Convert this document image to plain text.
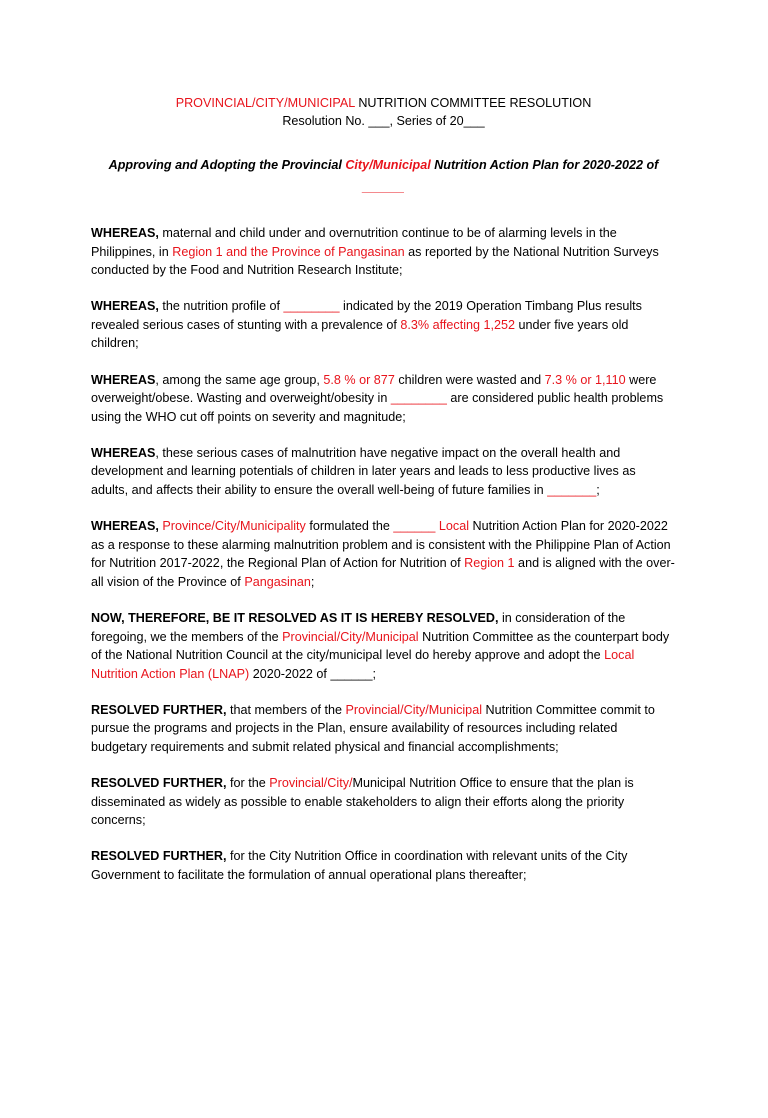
PROVINCIAL/CITY/MUNICIPAL NUTRITION COMMITTEE RESOLUTION
Resolution No. ___, Series of 20___
Approving and Adopting the Provincial City/Municipal Nutrition Action Plan for 2020-2022 of
______

WHEREAS, maternal and child under and overnutrition continue to be of alarming levels in the Philippines, in Region 1 and the Province of Pangasinan as reported by the National Nutrition Surveys conducted by the Food and Nutrition Research Institute;

WHEREAS, the nutrition profile of ________ indicated by the 2019 Operation Timbang Plus results revealed serious cases of stunting with a prevalence of 8.3% affecting 1,252 under five years old children;

WHEREAS, among the same age group, 5.8 % or 877 children were wasted and 7.3 % or 1,110 were overweight/obese. Wasting and overweight/obesity in ________ are considered public health problems using the WHO cut off points on severity and magnitude;

WHEREAS, these serious cases of malnutrition have negative impact on the overall health and development and learning potentials of children in later years and leads to less productive lives as adults, and affects their ability to ensure the overall well-being of future families in _______;

WHEREAS, Province/City/Municipality formulated the ______ Local Nutrition Action Plan for 2020-2022 as a response to these alarming malnutrition problem and is consistent with the Philippine Plan of Action for Nutrition 2017-2022, the Regional Plan of Action for Nutrition of Region 1 and is aligned with the over-all vision of the Province of Pangasinan;

NOW, THEREFORE, BE IT RESOLVED AS IT IS HEREBY RESOLVED, in consideration of the foregoing, we the members of the Provincial/City/Municipal Nutrition Committee as the counterpart body of the National Nutrition Council at the city/municipal level do hereby approve and adopt the Local Nutrition Action Plan (LNAP) 2020-2022 of ______;

RESOLVED FURTHER, that members of the Provincial/City/Municipal Nutrition Committee commit to pursue the programs and projects in the Plan, ensure availability of resources including related budgetary requirements and submit related physical and financial accomplishments;

RESOLVED FURTHER, for the Provincial/City/Municipal Nutrition Office to ensure that the plan is disseminated as widely as possible to enable stakeholders to align their efforts along the priority concerns;

RESOLVED FURTHER, for the City Nutrition Office in coordination with relevant units of the City Government to facilitate the formulation of annual operational plans thereafter;
